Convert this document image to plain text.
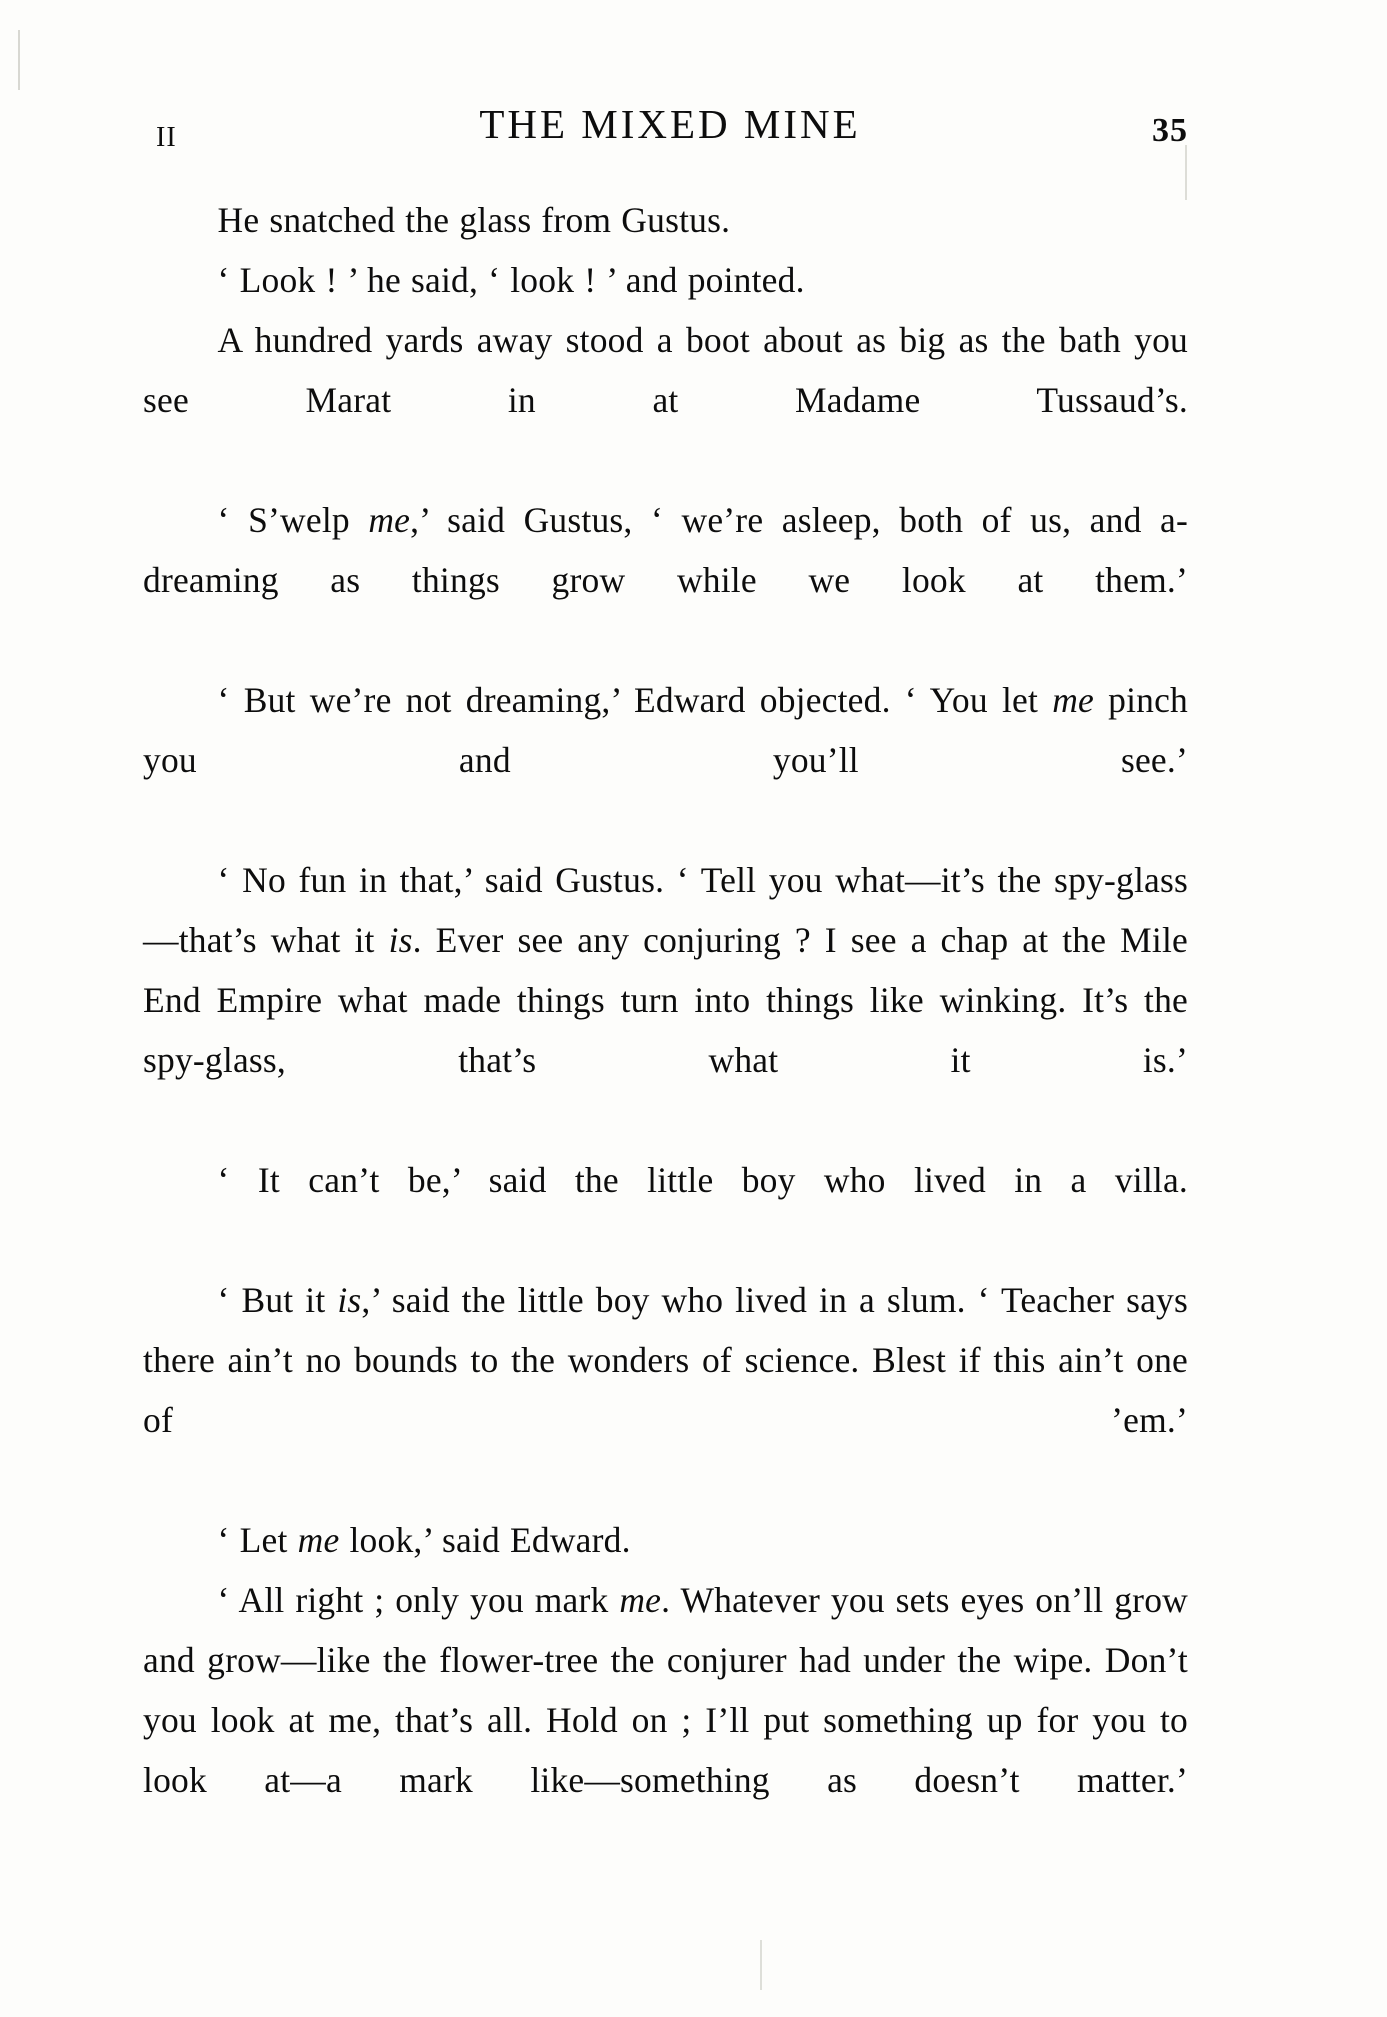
II	THE MIXED MINE	35

He snatched the glass from Gustus.

‘ Look ! ’ he said, ‘ look ! ’ and pointed.

A hundred yards away stood a boot about as big as the bath you see Marat in at Madame Tussaud’s.

‘ S’welp me,’ said Gustus, ‘ we’re asleep, both of us, and a-dreaming as things grow while we look at them.’

‘ But we’re not dreaming,’ Edward objected. ‘ You let me pinch you and you’ll see.’

‘ No fun in that,’ said Gustus. ‘ Tell you what—it’s the spy-glass—that’s what it is. Ever see any conjuring ? I see a chap at the Mile End Empire what made things turn into things like winking. It’s the spy-glass, that’s what it is.’

‘ It can’t be,’ said the little boy who lived in a villa.

‘ But it is,’ said the little boy who lived in a slum. ‘ Teacher says there ain’t no bounds to the wonders of science. Blest if this ain’t one of ’em.’

‘ Let me look,’ said Edward.

‘ All right ; only you mark me. Whatever you sets eyes on’ll grow and grow—like the flower-tree the conjurer had under the wipe. Don’t you look at me, that’s all. Hold on ; I’ll put something up for you to look at—a mark like—something as doesn’t matter.’
